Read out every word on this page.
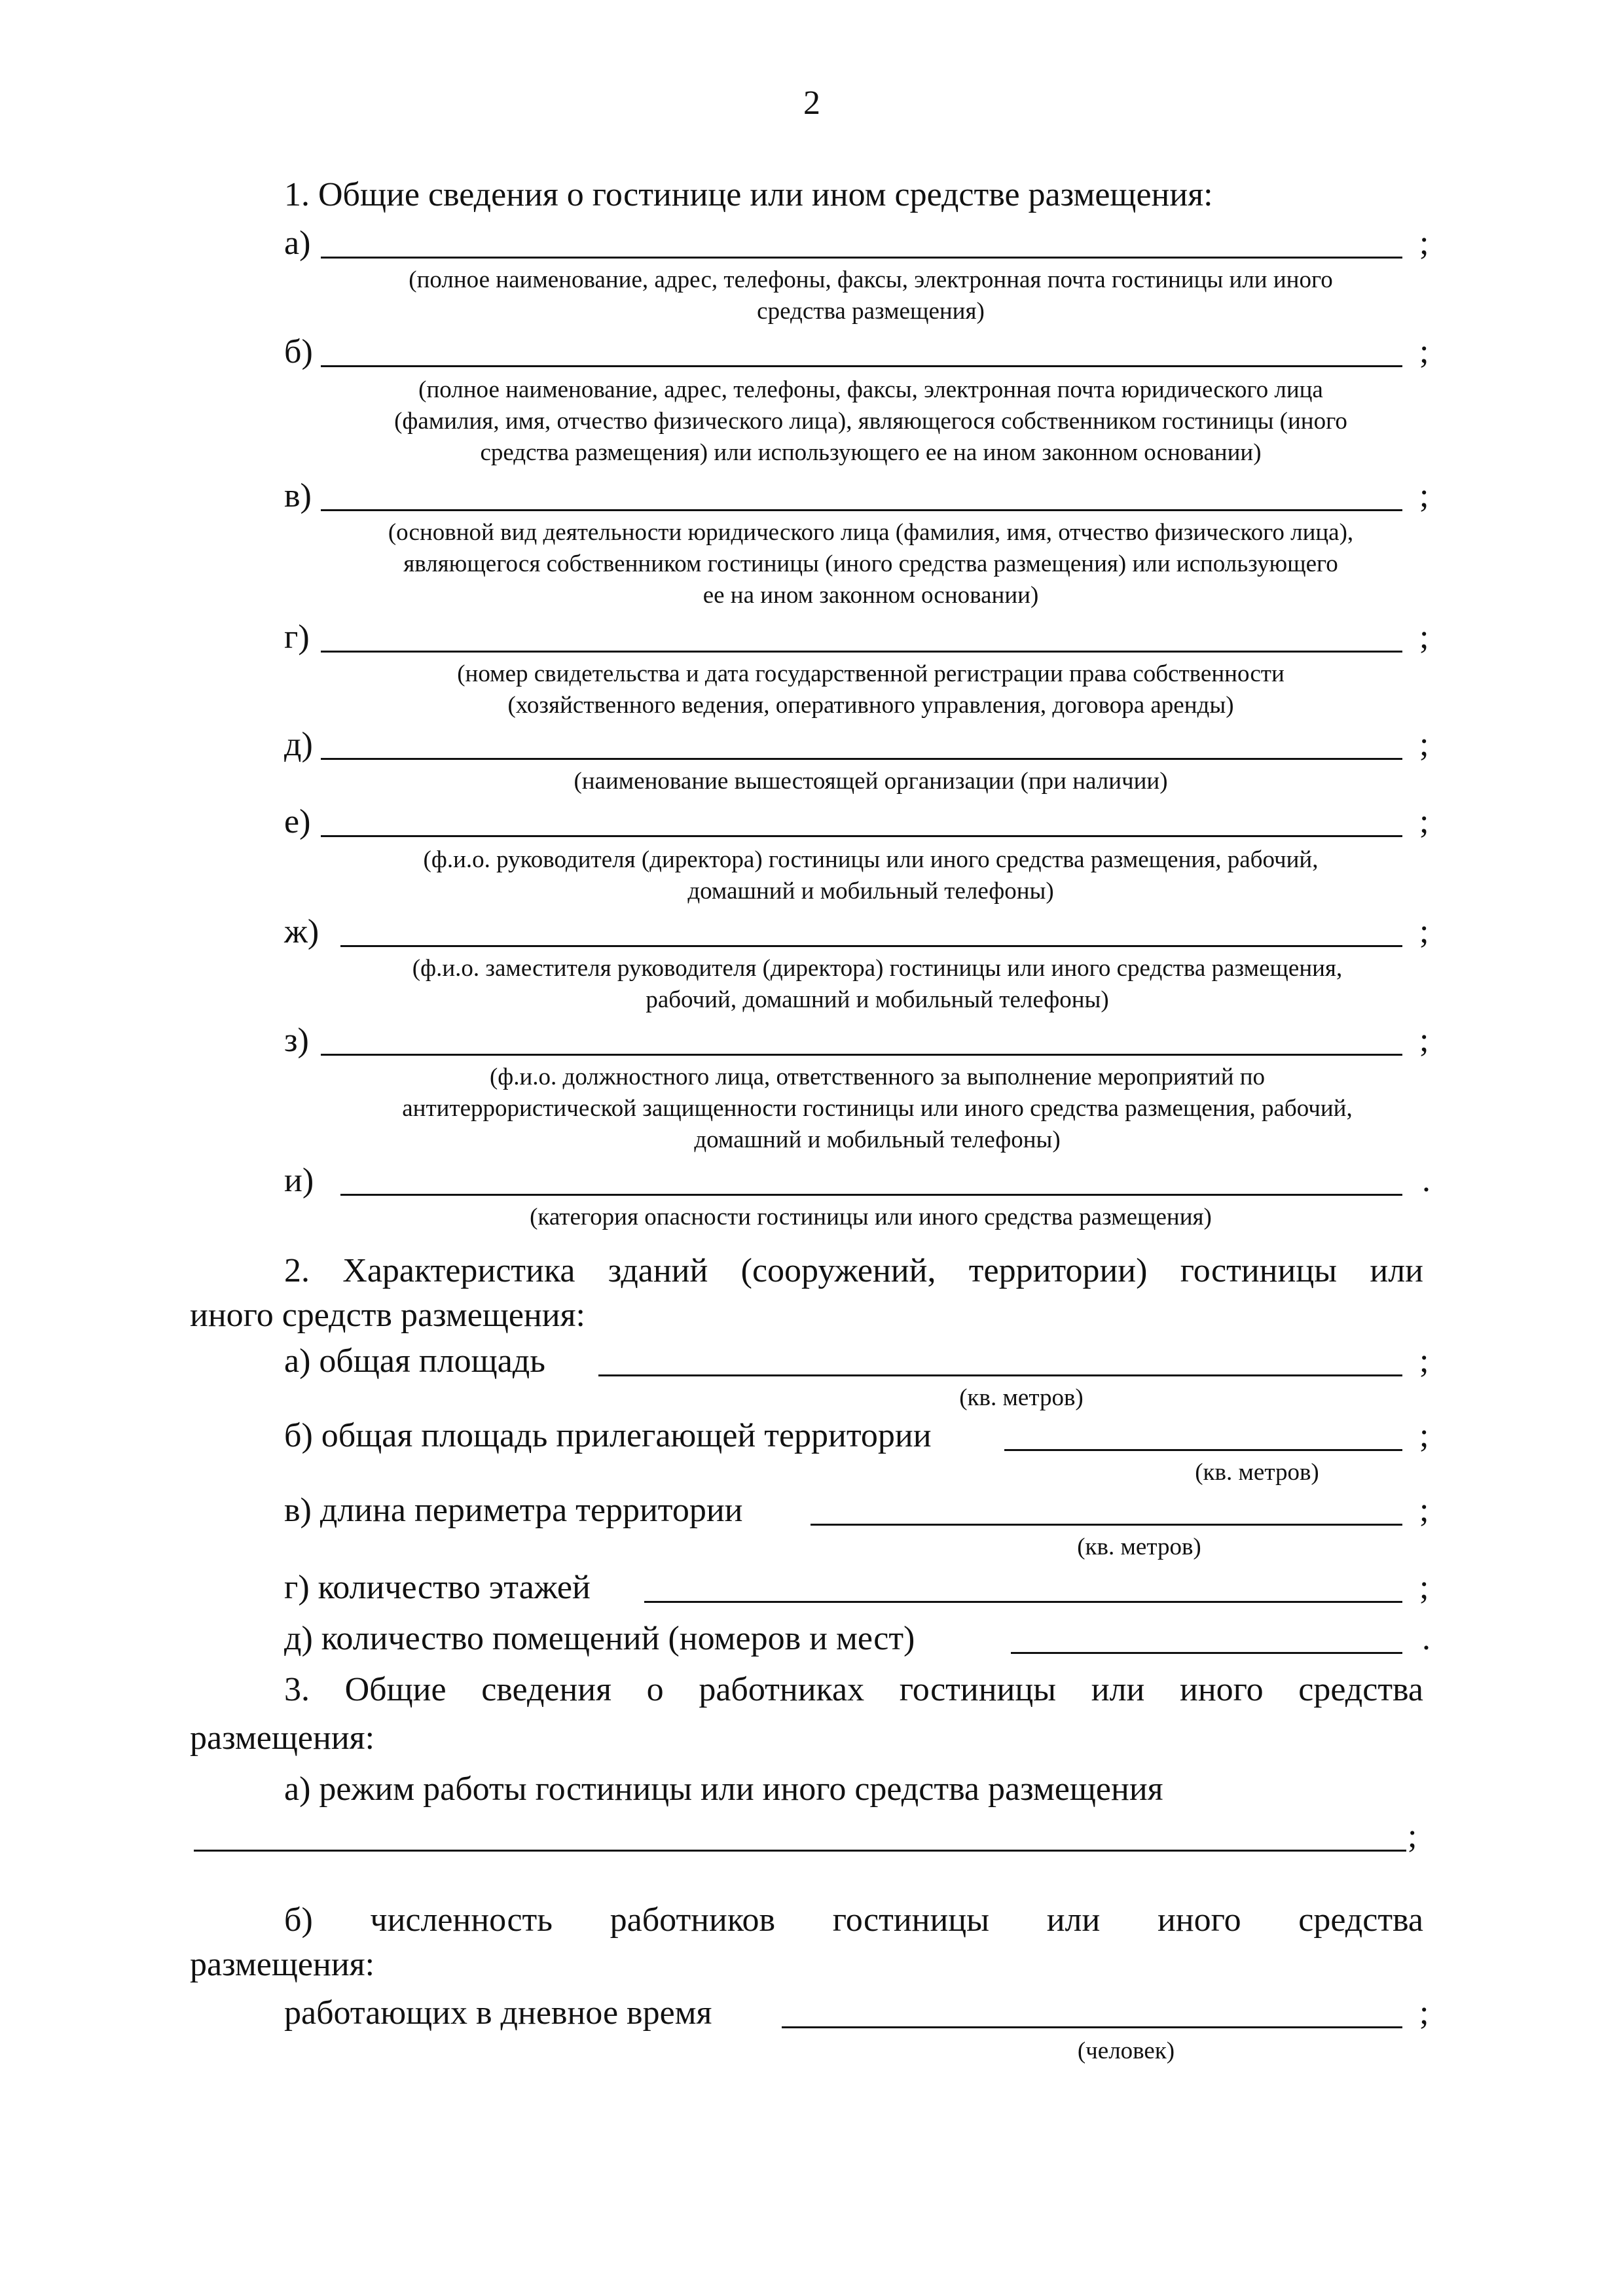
2
1. Общие сведения о гостинице или ином средстве размещения:
а)	;
(полное наименование, адрес, телефоны, факсы, электронная почта гостиницы или иного
средства размещения)
б)	;
(полное наименование, адрес, телефоны, факсы, электронная почта юридического лица
(фамилия, имя, отчество физического лица), являющегося собственником гостиницы (иного
средства размещения) или использующего ее на ином законном основании)
в)	;
(основной вид деятельности юридического лица (фамилия, имя, отчество физического лица),
являющегося собственником гостиницы (иного средства размещения) или использующего
ее на ином законном основании)
г)	;
(номер свидетельства и дата государственной регистрации права собственности
(хозяйственного ведения, оперативного управления, договора аренды)
д)	;
(наименование вышестоящей организации (при наличии)
е)	;
(ф.и.о. руководителя (директора) гостиницы или иного средства размещения, рабочий,
домашний и мобильный телефоны)
ж)	;
(ф.и.о. заместителя руководителя (директора) гостиницы или иного средства размещения,
рабочий, домашний и мобильный телефоны)
з)	;
(ф.и.о. должностного лица, ответственного за выполнение мероприятий по
антитеррористической защищенности гостиницы или иного средства размещения, рабочий,
домашний и мобильный телефоны)
и)	.
(категория опасности гостиницы или иного средства размещения)
2. Характеристика зданий (сооружений, территории) гостиницы или
иного средств размещения:
а) общая площадь	;
(кв. метров)
б) общая площадь прилегающей территории	;
(кв. метров)
в) длина периметра территории	;
(кв. метров)
г) количество этажей	;
д) количество помещений (номеров и мест)	.
3. Общие сведения о работниках гостиницы или иного средства
размещения:
а) режим работы гостиницы или иного средства размещения
;
б) численность работников гостиницы или иного средства
размещения:
работающих в дневное время	;
(человек)
